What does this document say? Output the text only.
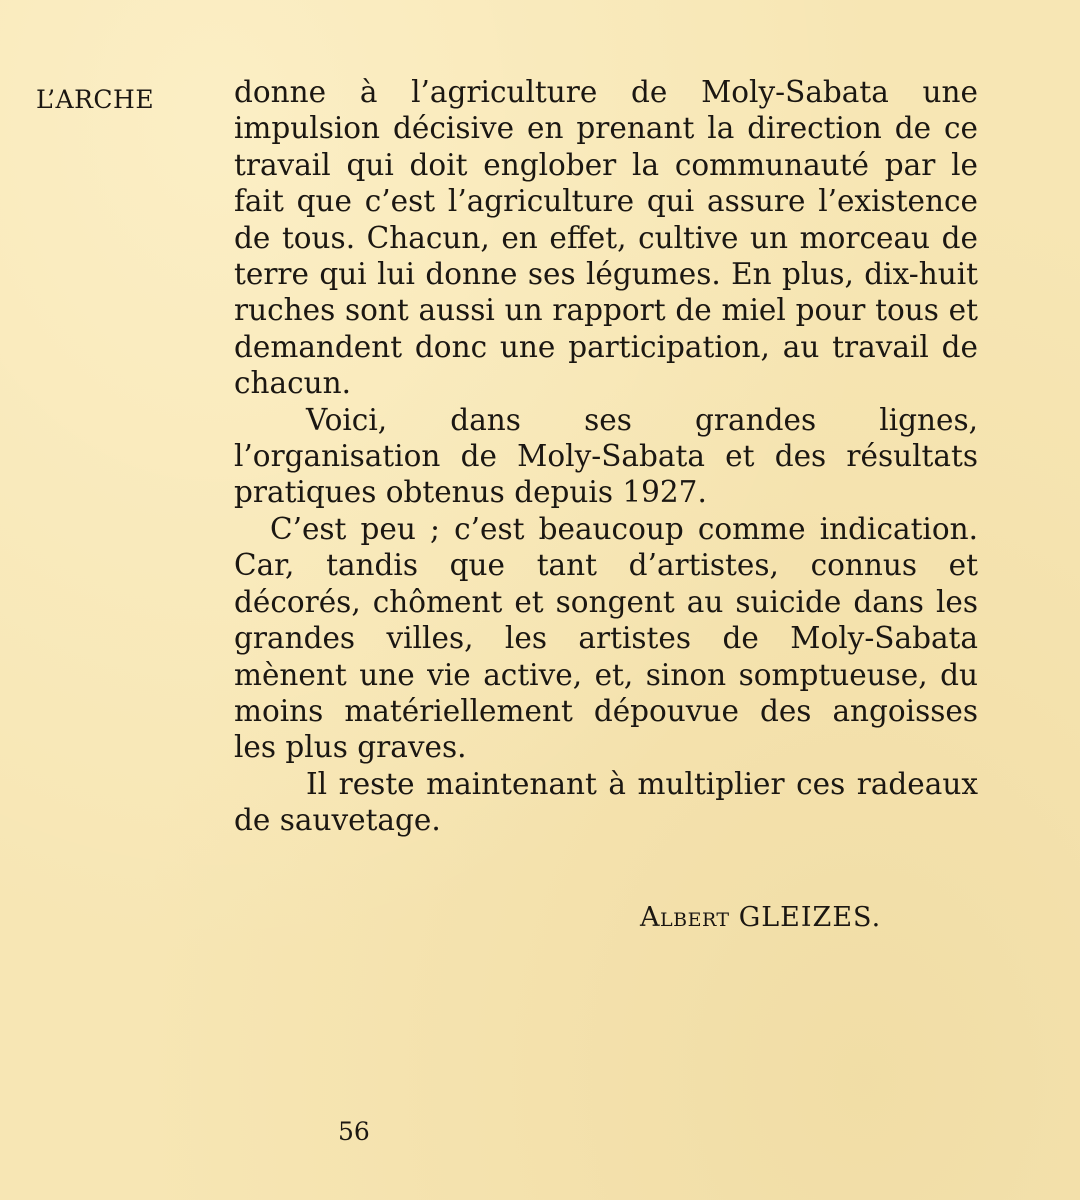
L’ARCHE	donne à l’agriculture de Moly-Sabata une impulsion décisive en prenant la direction de ce travail qui doit englober la communauté par le fait que c’est l’agriculture qui assure l’existence de tous. Chacun, en effet, cultive un morceau de terre qui lui donne ses légumes. En plus, dix-huit ruches sont aussi un rapport de miel pour tous et demandent donc une participation, au travail de chacun.

Voici, dans ses grandes lignes, l’organisation de Moly-Sabata et des résultats pratiques obtenus depuis 1927.

C’est peu ; c’est beaucoup comme indication. Car, tandis que tant d’artistes, connus et décorés, chôment et songent au suicide dans les grandes villes, les artistes de Moly-Sabata mènent une vie active, et, sinon somptueuse, du moins matériellement dépouvue des angoisses les plus graves.

Il reste maintenant à multiplier ces radeaux de sauvetage.

Albert GLEIZES.
56
